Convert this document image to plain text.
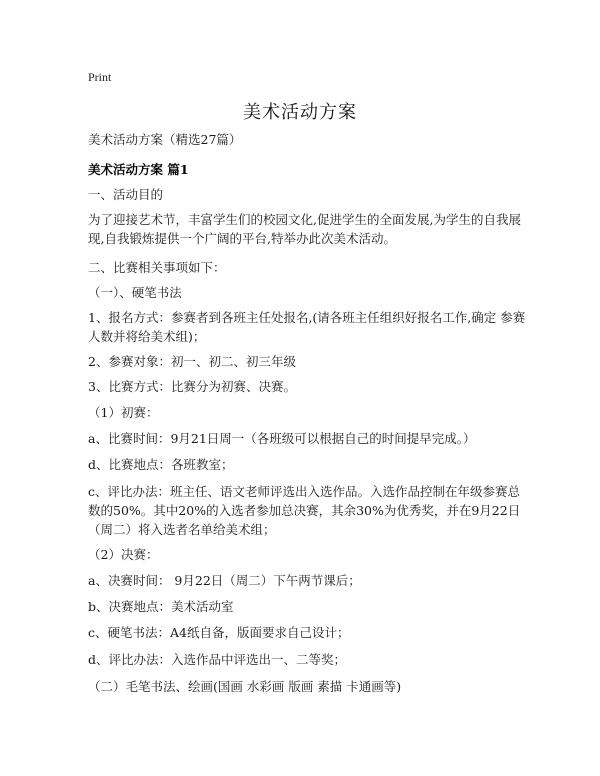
Print
美术活动方案
美术活动方案（精选27篇）
美术活动方案 篇1
一、活动目的
为了迎接艺术节，丰富学生们的校园文化,促进学生的全面发展,为学生的自我展现,自我锻炼提供一个广阔的平台,特举办此次美术活动。
二、比赛相关事项如下：
（一）、硬笔书法
1、报名方式：参赛者到各班主任处报名,(请各班主任组织好报名工作,确定 参赛人数并将给美术组)；
2、参赛对象：初一、初二、初三年级
3、比赛方式：比赛分为初赛、决赛。
（1）初赛：
a、比赛时间：9月21日周一（各班级可以根据自己的时间提早完成。）
d、比赛地点：各班教室；
c、评比办法：班主任、语文老师评选出入选作品。入选作品控制在年级参赛总数的50%。其中20%的入选者参加总决赛，其余30%为优秀奖，并在9月22日（周二）将入选者名单给美术组；
（2）决赛：
a、决赛时间： 9月22日（周二）下午两节课后；
b、决赛地点：美术活动室
c、硬笔书法：A4纸自备，版面要求自己设计；
d、评比办法：入选作品中评选出一、二等奖；
（二）毛笔书法、绘画(国画 水彩画 版画 素描 卡通画等)
